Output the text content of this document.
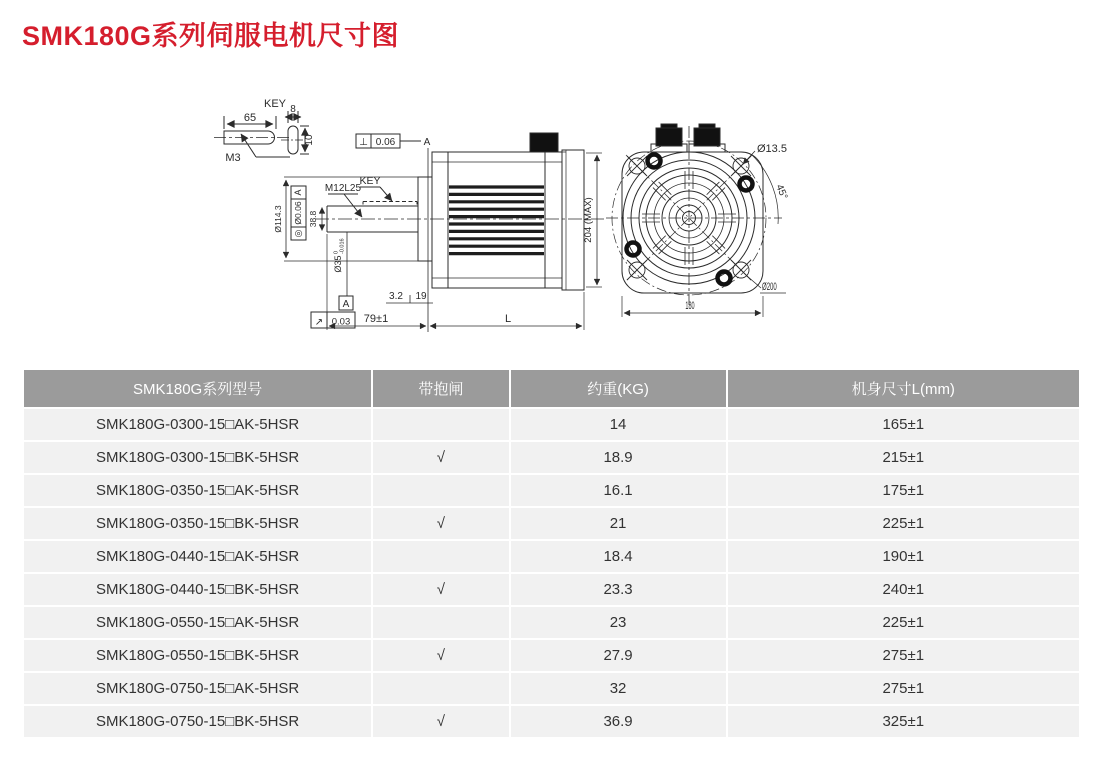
SMK180G系列伺服电机尺寸图
KEY
65
M3
8
10	⊥ 0.06	A
KEY
M12L25
A
Ø0.06
◎
Ø114.3	38.8
Ø35
0 -0.016
A
↗ 0.03
3.2 19
79±1	L
204 (MAX)
Ø13.5
45°
Ø200
180
SMK180G系列型号	带抱闸	约重(KG)	机身尺寸L(mm)
SMK180G-0300-15□AK-5HSR		14	165±1
SMK180G-0300-15□BK-5HSR	√	18.9	215±1
SMK180G-0350-15□AK-5HSR		16.1	175±1
SMK180G-0350-15□BK-5HSR	√	21	225±1
SMK180G-0440-15□AK-5HSR		18.4	190±1
SMK180G-0440-15□BK-5HSR	√	23.3	240±1
SMK180G-0550-15□AK-5HSR		23	225±1
SMK180G-0550-15□BK-5HSR	√	27.9	275±1
SMK180G-0750-15□AK-5HSR		32	275±1
SMK180G-0750-15□BK-5HSR	√	36.9	325±1
